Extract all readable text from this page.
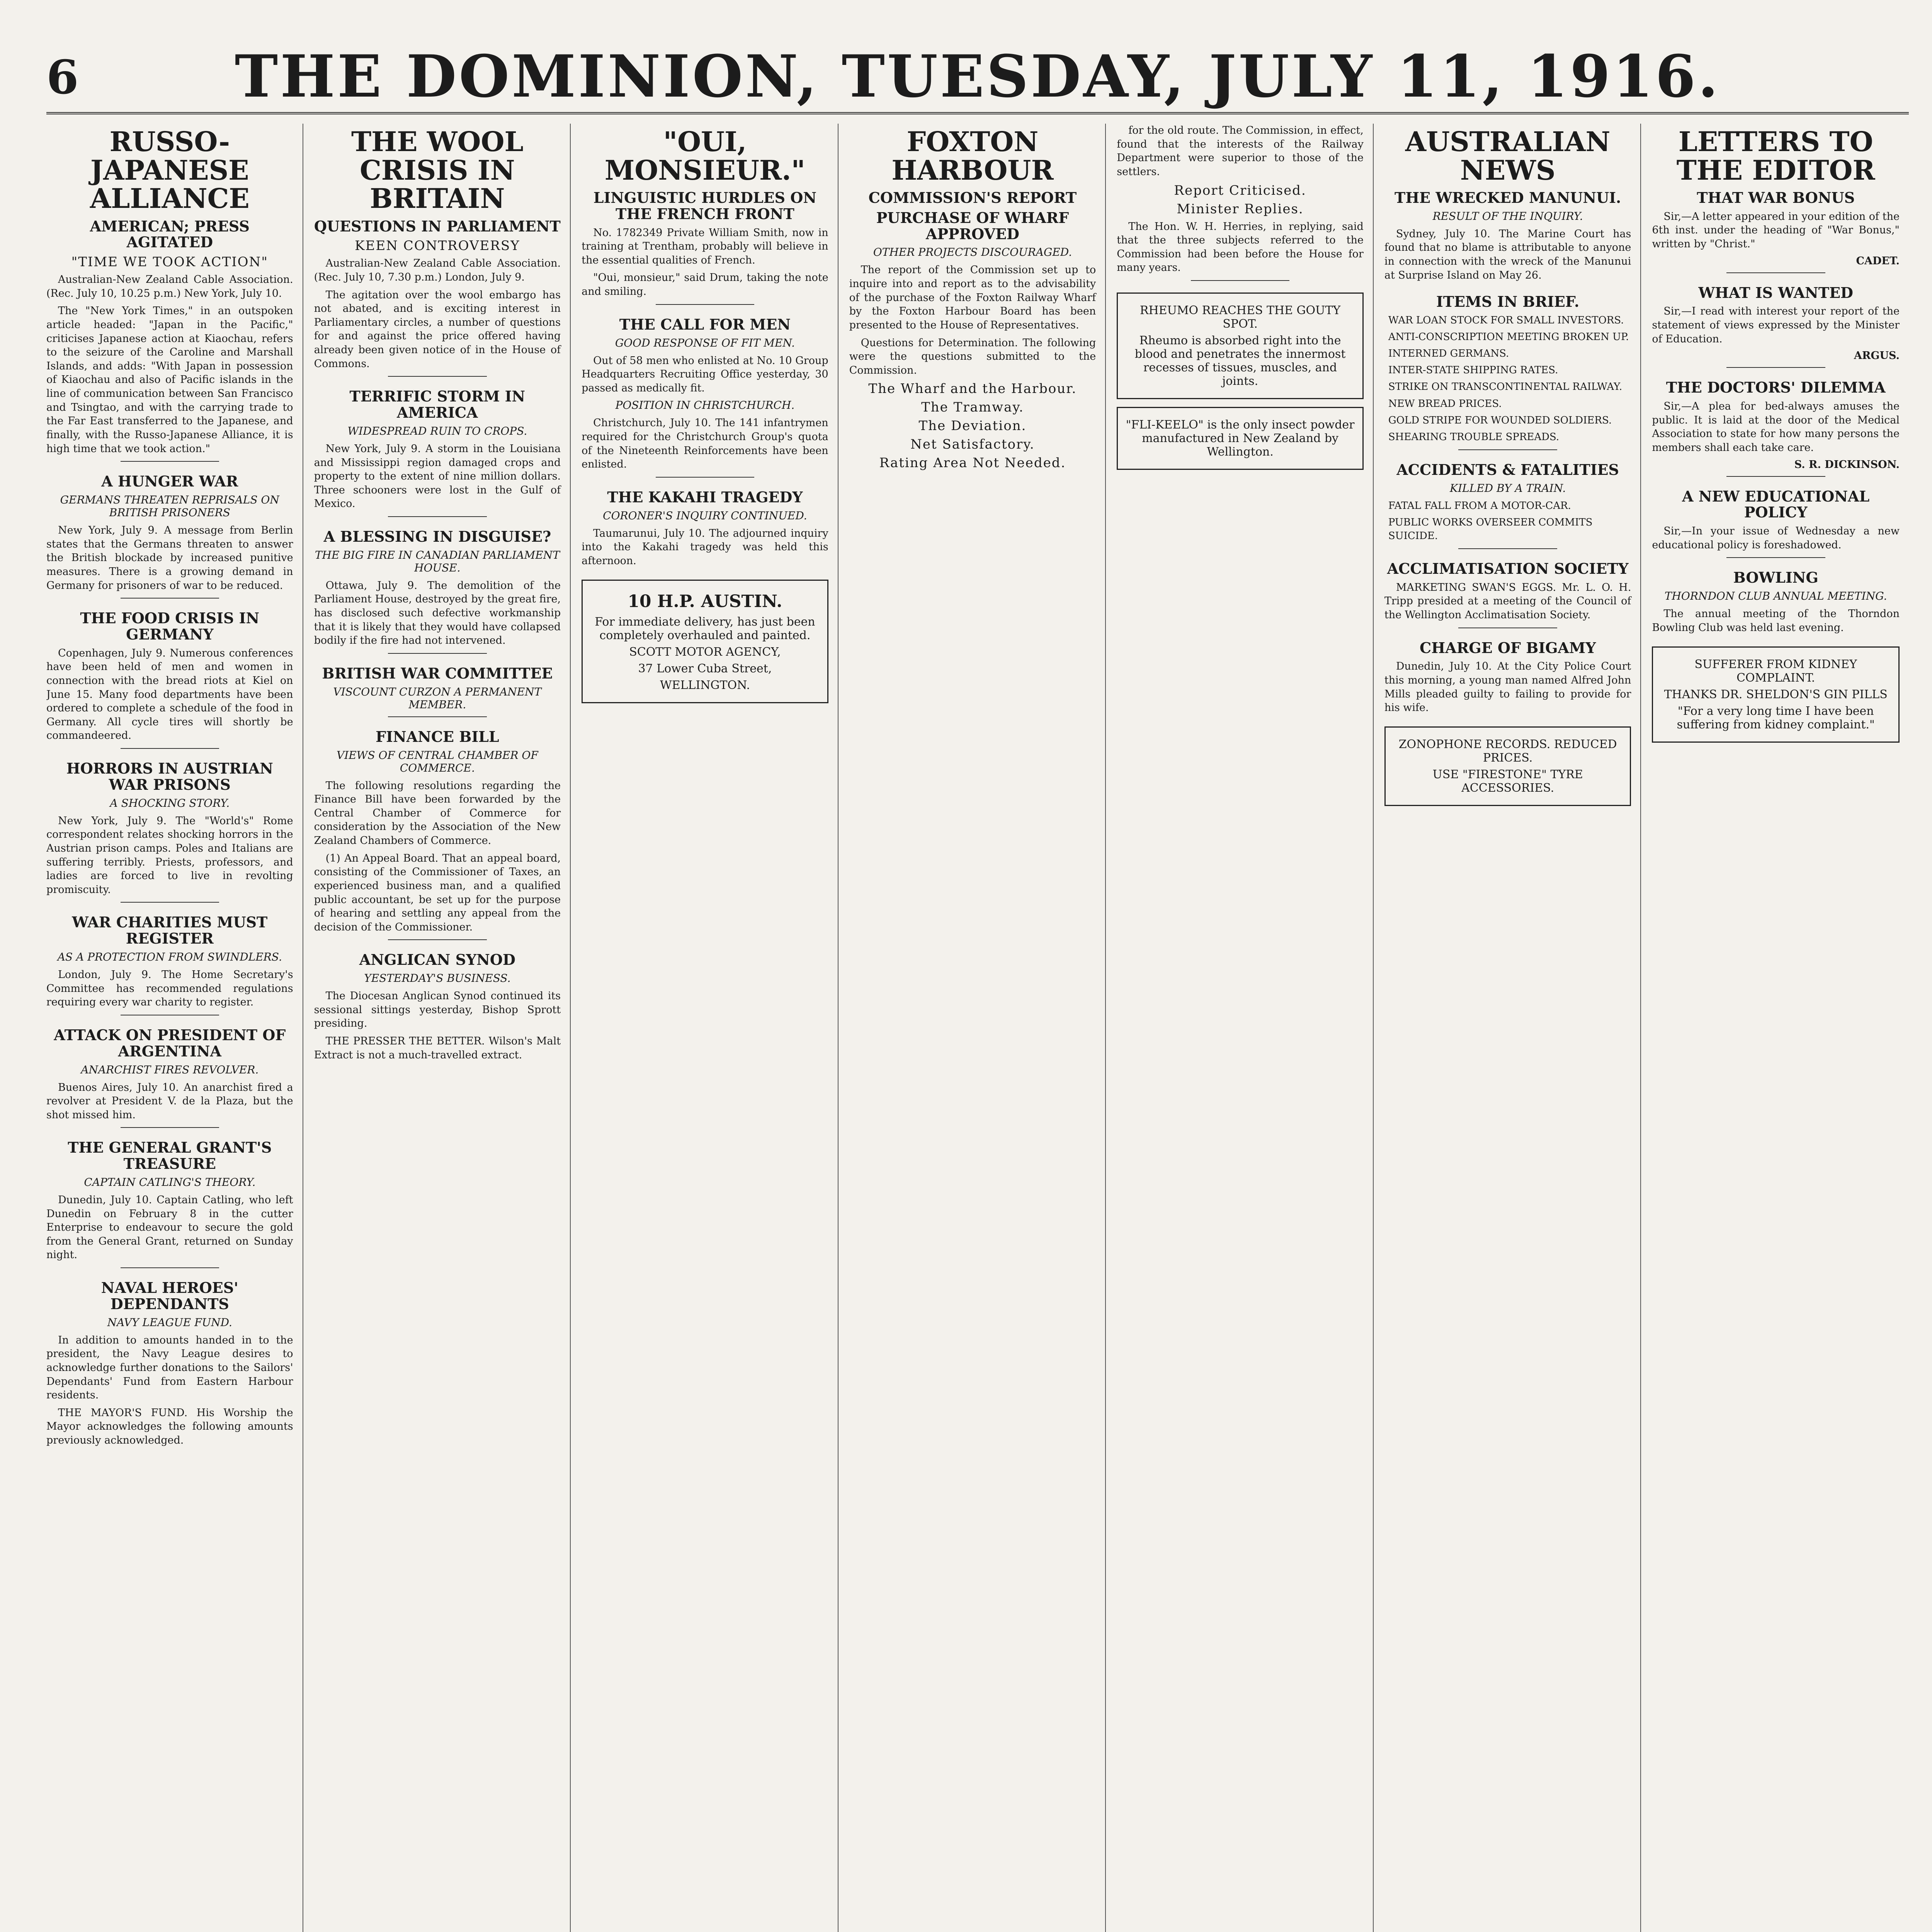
6	THE DOMINION, TUESDAY, JULY 11, 1916.
RUSSO-JAPANESE ALLIANCE
AMERICAN; PRESS AGITATED
"TIME WE TOOK ACTION"

Australian-New Zealand Cable Association. (Rec. July 10, 10.25 p.m.) New York, July 10.

The "New York Times," in an outspoken article headed: "Japan in the Pacific," criticises Japanese action at Kiaochau, refers to the seizure of the Caroline and Marshall Islands, and adds: "With Japan in possession of Kiaochau and also of Pacific islands in the line of communication between San Francisco and Tsingtao, and with the carrying trade to the Far East transferred to the Japanese, and finally, with the Russo-Japanese Alliance, it is high time that we took action."

A HUNGER WAR
GERMANS THREATEN REPRISALS ON BRITISH PRISONERS

New York, July 9. A message from Berlin states that the Germans threaten to answer the British blockade by increased punitive measures. There is a growing demand in Germany for prisoners of war to be reduced.

THE FOOD CRISIS IN GERMANY

Copenhagen, July 9. Numerous conferences have been held of men and women in connection with the bread riots at Kiel on June 15. Many food departments have been ordered to complete a schedule of the food in Germany. All cycle tires will shortly be commandeered.

HORRORS IN AUSTRIAN WAR PRISONS
A SHOCKING STORY.

New York, July 9. The "World's" Rome correspondent relates shocking horrors in the Austrian prison camps. Poles and Italians are suffering terribly. Priests, professors, and ladies are forced to live in revolting promiscuity.

WAR CHARITIES MUST REGISTER
AS A PROTECTION FROM SWINDLERS.

London, July 9. The Home Secretary's Committee has recommended regulations requiring every war charity to register.

ATTACK ON PRESIDENT OF ARGENTINA
ANARCHIST FIRES REVOLVER.

Buenos Aires, July 10. An anarchist fired a revolver at President V. de la Plaza, but the shot missed him.

THE GENERAL GRANT'S TREASURE
CAPTAIN CATLING'S THEORY.

Dunedin, July 10. Captain Catling, who left Dunedin on February 8 in the cutter Enterprise to endeavour to secure the gold from the General Grant, returned on Sunday night.

NAVAL HEROES' DEPENDANTS
NAVY LEAGUE FUND.

In addition to amounts handed in to the president, the Navy League desires to acknowledge further donations to the Sailors' Dependants' Fund from Eastern Harbour residents.

THE MAYOR'S FUND. His Worship the Mayor acknowledges the following amounts previously acknowledged.

THE WOOL CRISIS IN BRITAIN
QUESTIONS IN PARLIAMENT
KEEN CONTROVERSY

Australian-New Zealand Cable Association. (Rec. July 10, 7.30 p.m.) London, July 9.

The agitation over the wool embargo has not abated, and is exciting interest in Parliamentary circles, a number of questions for and against the price offered having already been given notice of in the House of Commons.

TERRIFIC STORM IN AMERICA
WIDESPREAD RUIN TO CROPS.

New York, July 9. A storm in the Louisiana and Mississippi region damaged crops and property to the extent of nine million dollars. Three schooners were lost in the Gulf of Mexico.

A BLESSING IN DISGUISE?
THE BIG FIRE IN CANADIAN PARLIAMENT HOUSE.

Ottawa, July 9. The demolition of the Parliament House, destroyed by the great fire, has disclosed such defective workmanship that it is likely that they would have collapsed bodily if the fire had not intervened.

BRITISH WAR COMMITTEE
VISCOUNT CURZON A PERMANENT MEMBER.
FINANCE BILL
VIEWS OF CENTRAL CHAMBER OF COMMERCE.

The following resolutions regarding the Finance Bill have been forwarded by the Central Chamber of Commerce for consideration by the Association of the New Zealand Chambers of Commerce.

(1) An Appeal Board. That an appeal board, consisting of the Commissioner of Taxes, an experienced business man, and a qualified public accountant, be set up for the purpose of hearing and settling any appeal from the decision of the Commissioner.

ANGLICAN SYNOD
YESTERDAY'S BUSINESS.

The Diocesan Anglican Synod continued its sessional sittings yesterday, Bishop Sprott presiding.

THE PRESSER THE BETTER. Wilson's Malt Extract is not a much-travelled extract.

"OUI, MONSIEUR."
LINGUISTIC HURDLES ON THE FRENCH FRONT

No. 1782349 Private William Smith, now in training at Trentham, probably will believe in the essential qualities of French.

"Oui, monsieur," said Drum, taking the note and smiling.

THE CALL FOR MEN
GOOD RESPONSE OF FIT MEN.

Out of 58 men who enlisted at No. 10 Group Headquarters Recruiting Office yesterday, 30 passed as medically fit.

POSITION IN CHRISTCHURCH.

Christchurch, July 10. The 141 infantrymen required for the Christchurch Group's quota of the Nineteenth Reinforcements have been enlisted.

THE KAKAHI TRAGEDY
CORONER'S INQUIRY CONTINUED.

Taumarunui, July 10. The adjourned inquiry into the Kakahi tragedy was held this afternoon.

10 H.P. AUSTIN.
For immediate delivery, has just been completely overhauled and painted.
SCOTT MOTOR AGENCY,
37 Lower Cuba Street,
WELLINGTON.
FOXTON HARBOUR
COMMISSION'S REPORT
PURCHASE OF WHARF APPROVED
OTHER PROJECTS DISCOURAGED.

The report of the Commission set up to inquire into and report as to the advisability of the purchase of the Foxton Railway Wharf by the Foxton Harbour Board has been presented to the House of Representatives.

Questions for Determination. The following were the questions submitted to the Commission.

The Wharf and the Harbour.
The Tramway.
The Deviation.
Net Satisfactory.
Rating Area Not Needed.

for the old route. The Commission, in effect, found that the interests of the Railway Department were superior to those of the settlers.

Report Criticised.
Minister Replies.

The Hon. W. H. Herries, in replying, said that the three subjects referred to the Commission had been before the House for many years.

RHEUMO REACHES THE GOUTY SPOT.
Rheumo is absorbed right into the blood and penetrates the innermost recesses of tissues, muscles, and joints.
"FLI-KEELO" is the only insect powder manufactured in New Zealand by Wellington.
AUSTRALIAN NEWS
THE WRECKED MANUNUI.
RESULT OF THE INQUIRY.

Sydney, July 10. The Marine Court has found that no blame is attributable to anyone in connection with the wreck of the Manunui at Surprise Island on May 26.

ITEMS IN BRIEF.
WAR LOAN STOCK FOR SMALL INVESTORS.
ANTI-CONSCRIPTION MEETING BROKEN UP.
INTERNED GERMANS.
INTER-STATE SHIPPING RATES.
STRIKE ON TRANSCONTINENTAL RAILWAY.
NEW BREAD PRICES.
GOLD STRIPE FOR WOUNDED SOLDIERS.
SHEARING TROUBLE SPREADS.
ACCIDENTS & FATALITIES
KILLED BY A TRAIN.
FATAL FALL FROM A MOTOR-CAR.
PUBLIC WORKS OVERSEER COMMITS SUICIDE.
ACCLIMATISATION SOCIETY

MARKETING SWAN'S EGGS. Mr. L. O. H. Tripp presided at a meeting of the Council of the Wellington Acclimatisation Society.

CHARGE OF BIGAMY

Dunedin, July 10. At the City Police Court this morning, a young man named Alfred John Mills pleaded guilty to failing to provide for his wife.

ZONOPHONE RECORDS. REDUCED PRICES.
USE "FIRESTONE" TYRE ACCESSORIES.
LETTERS TO THE EDITOR
THAT WAR BONUS

Sir,—A letter appeared in your edition of the 6th inst. under the heading of "War Bonus," written by "Christ."

CADET.
WHAT IS WANTED

Sir,—I read with interest your report of the statement of views expressed by the Minister of Education.

ARGUS.
THE DOCTORS' DILEMMA

Sir,—A plea for bed-always amuses the public. It is laid at the door of the Medical Association to state for how many persons the members shall each take care.

S. R. DICKINSON.
A NEW EDUCATIONAL POLICY

Sir,—In your issue of Wednesday a new educational policy is foreshadowed.

BOWLING
THORNDON CLUB ANNUAL MEETING.

The annual meeting of the Thorndon Bowling Club was held last evening.

SUFFERER FROM KIDNEY COMPLAINT.
THANKS DR. SHELDON'S GIN PILLS
"For a very long time I have been suffering from kidney complaint."
